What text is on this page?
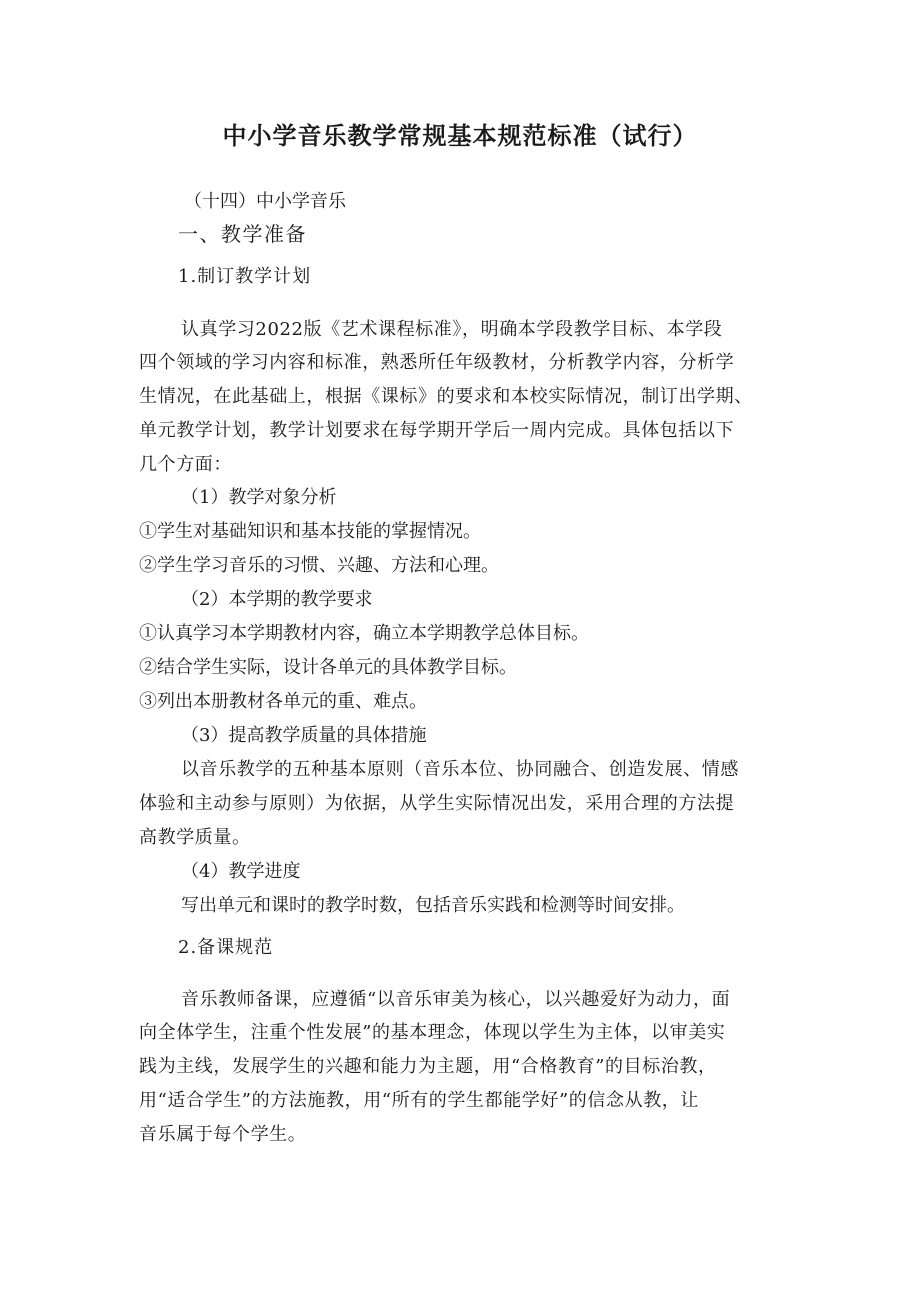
中小学音乐教学常规基本规范标准（试行）

（十四）中小学音乐

一、教学准备

1.制订教学计划

认真学习2022版《艺术课程标准》，明确本学段教学目标、本学段

四个领域的学习内容和标准，熟悉所任年级教材，分析教学内容，分析学

生情况，在此基础上，根据《课标》的要求和本校实际情况，制订出学期、

单元教学计划，教学计划要求在每学期开学后一周内完成。具体包括以下

几个方面：

（1）教学对象分析

①学生对基础知识和基本技能的掌握情况。

②学生学习音乐的习惯、兴趣、方法和心理。

（2）本学期的教学要求

①认真学习本学期教材内容，确立本学期教学总体目标。

②结合学生实际，设计各单元的具体教学目标。

③列出本册教材各单元的重、难点。

（3）提高教学质量的具体措施

以音乐教学的五种基本原则（音乐本位、协同融合、创造发展、情感

体验和主动参与原则）为依据，从学生实际情况出发，采用合理的方法提

高教学质量。

（4）教学进度

写出单元和课时的教学时数，包括音乐实践和检测等时间安排。

2.备课规范

音乐教师备课，应遵循“以音乐审美为核心，以兴趣爱好为动力，面

向全体学生，注重个性发展”的基本理念，体现以学生为主体，以审美实

践为主线，发展学生的兴趣和能力为主题，用“合格教育”的目标治教，

用“适合学生”的方法施教，用“所有的学生都能学好”的信念从教，让

音乐属于每个学生。
